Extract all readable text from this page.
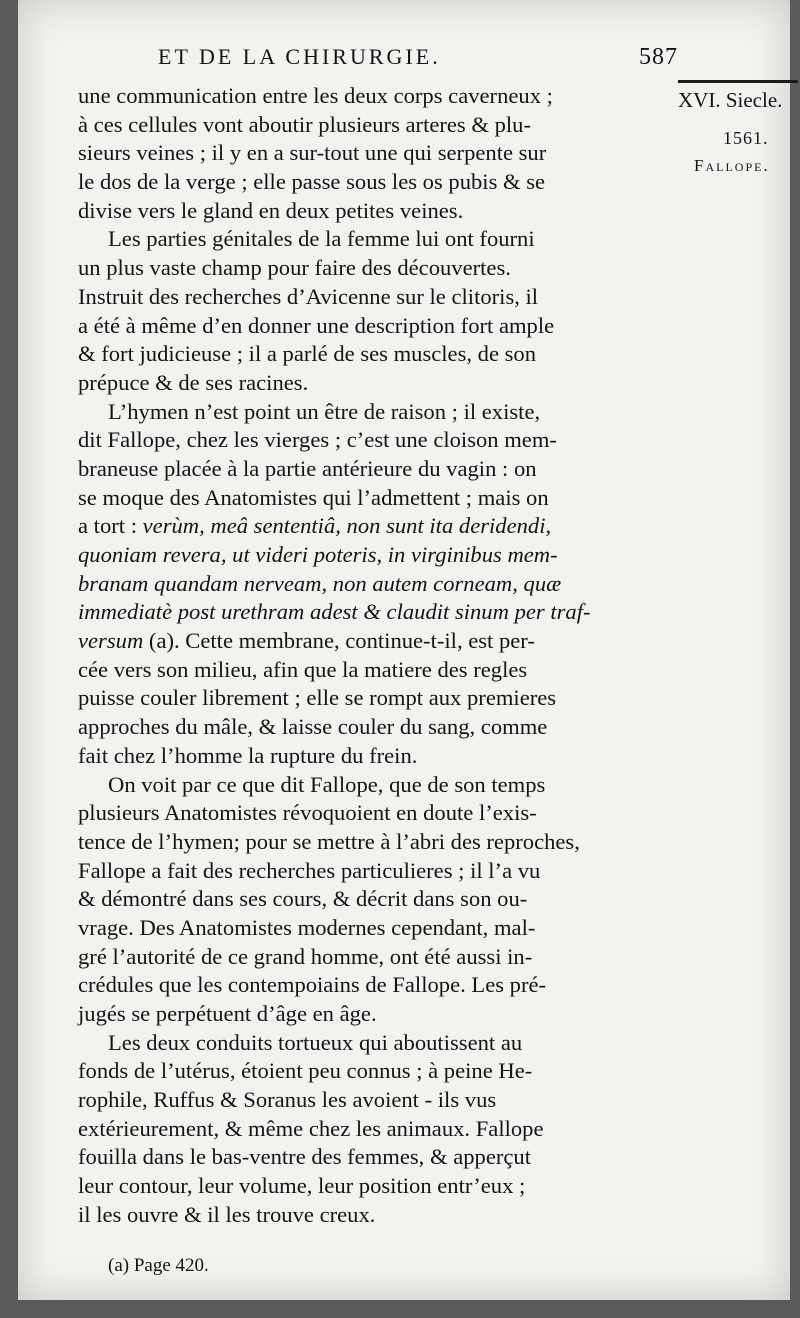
ET DE LA CHIRURGIE.	587
XVI. Siecle.
1561.
Fallope.
une communication entre les deux corps caverneux ;
à ces cellules vont aboutir plusieurs arteres & plu-
sieurs veines ; il y en a sur-tout une qui serpente sur
le dos de la verge ; elle passe sous les os pubis & se
divise vers le gland en deux petites veines.
Les parties génitales de la femme lui ont fourni
un plus vaste champ pour faire des découvertes.
Instruit des recherches d’Avicenne sur le clitoris, il
a été à même d’en donner une description fort ample
& fort judicieuse ; il a parlé de ses muscles, de son
prépuce & de ses racines.
L’hymen n’est point un être de raison ; il existe,
dit Fallope, chez les vierges ; c’est une cloison mem-
braneuse placée à la partie antérieure du vagin : on
se moque des Anatomistes qui l’admettent ; mais on
a tort : verùm, meâ sententiâ, non sunt ita deridendi,
quoniam revera, ut videri poteris, in virginibus mem-
branam quandam nerveam, non autem corneam, quæ
immediatè post urethram adest & claudit sinum per traf-
versum (a). Cette membrane, continue-t-il, est per-
cée vers son milieu, afin que la matiere des regles
puisse couler librement ; elle se rompt aux premieres
approches du mâle, & laisse couler du sang, comme
fait chez l’homme la rupture du frein.
On voit par ce que dit Fallope, que de son temps
plusieurs Anatomistes révoquoient en doute l’exis-
tence de l’hymen; pour se mettre à l’abri des reproches,
Fallope a fait des recherches particulieres ; il l’a vu
& démontré dans ses cours, & décrit dans son ou-
vrage. Des Anatomistes modernes cependant, mal-
gré l’autorité de ce grand homme, ont été aussi in-
crédules que les contempoiains de Fallope. Les pré-
jugés se perpétuent d’âge en âge.
Les deux conduits tortueux qui aboutissent au
fonds de l’utérus, étoient peu connus ; à peine He-
rophile, Ruffus & Soranus les avoient - ils vus
extérieurement, & même chez les animaux. Fallope
fouilla dans le bas-ventre des femmes, & apperçut
leur contour, leur volume, leur position entr’eux ;
il les ouvre & il les trouve creux.
(a) Page 420.
